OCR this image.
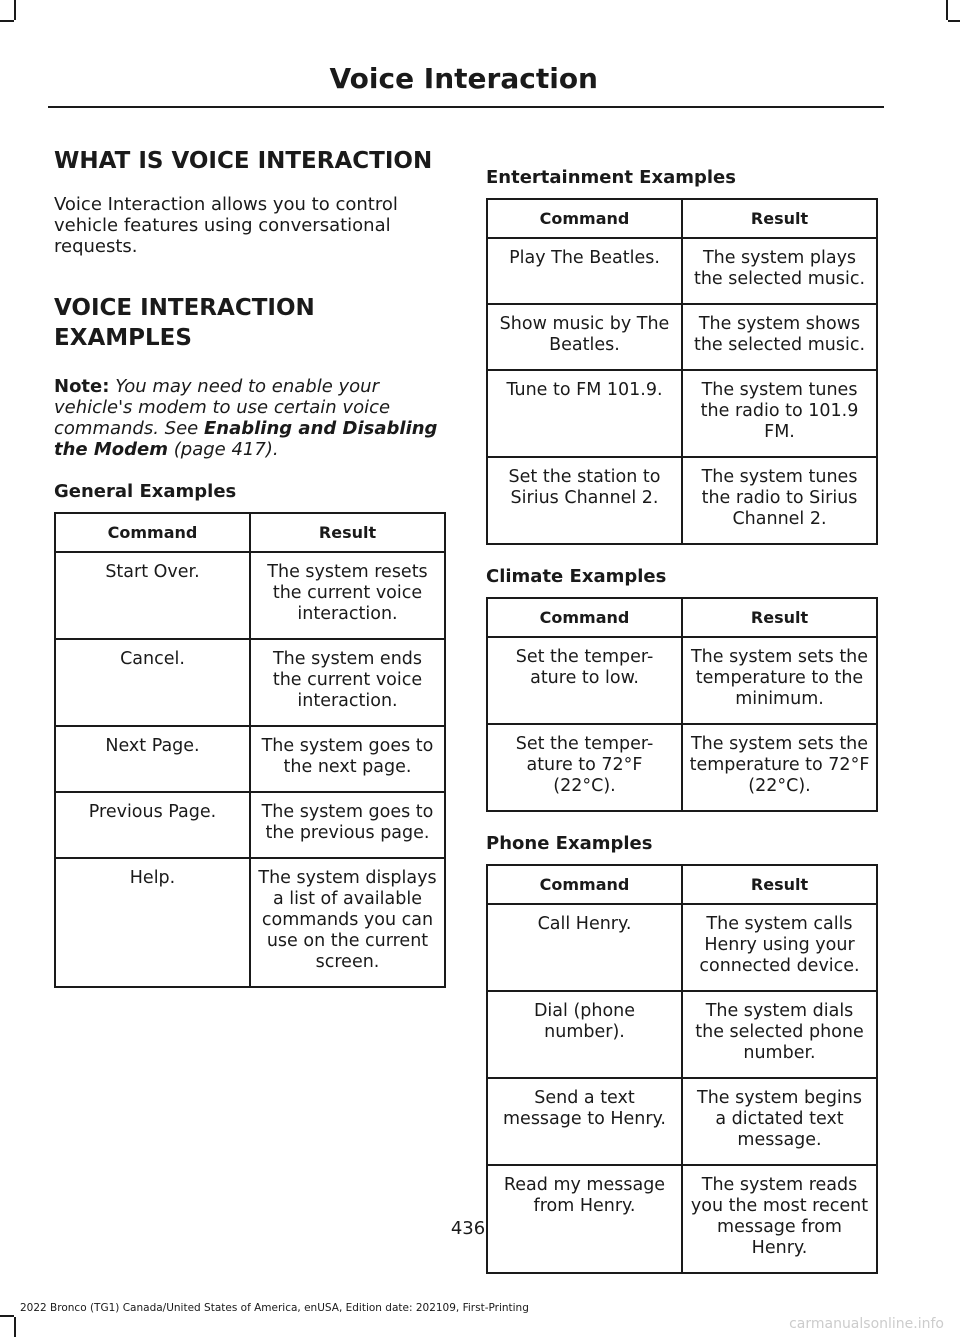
Voice Interaction
WHAT IS VOICE INTERACTION

Voice Interaction allows you to control vehicle features using conversational requests.

VOICE INTERACTION
EXAMPLES

Note: You may need to enable your vehicle's modem to use certain voice commands. See Enabling and Disabling the Modem (page 417).

General Examples
Command	Result
Start Over.	The system resets the current voice interaction.
Cancel.	The system ends the current voice interaction.
Next Page.	The system goes to the next page.
Previous Page.	The system goes to the previous page.
Help.	The system displays a list of available commands you can use on the current screen.
Entertainment Examples
Command	Result
Play The Beatles.	The system plays the selected music.
Show music by The Beatles.	The system shows the selected music.
Tune to FM 101.9.	The system tunes the radio to 101.9 FM.
Set the station to Sirius Channel 2.	The system tunes the radio to Sirius Channel 2.
Climate Examples
Command	Result
Set the temper- ature to low.	The system sets the temperature to the minimum.
Set the temper- ature to 72°F (22°C).	The system sets the temperature to 72°F (22°C).
Phone Examples
Command	Result
Call Henry.	The system calls Henry using your connected device.
Dial (phone number).	The system dials the selected phone number.
Send a text message to Henry.	The system begins a dictated text message.
Read my message from Henry.	The system reads you the most recent message from Henry.
436
2022 Bronco (TG1) Canada/United States of America, enUSA, Edition date: 202109, First-Printing
carmanualsonline.info
